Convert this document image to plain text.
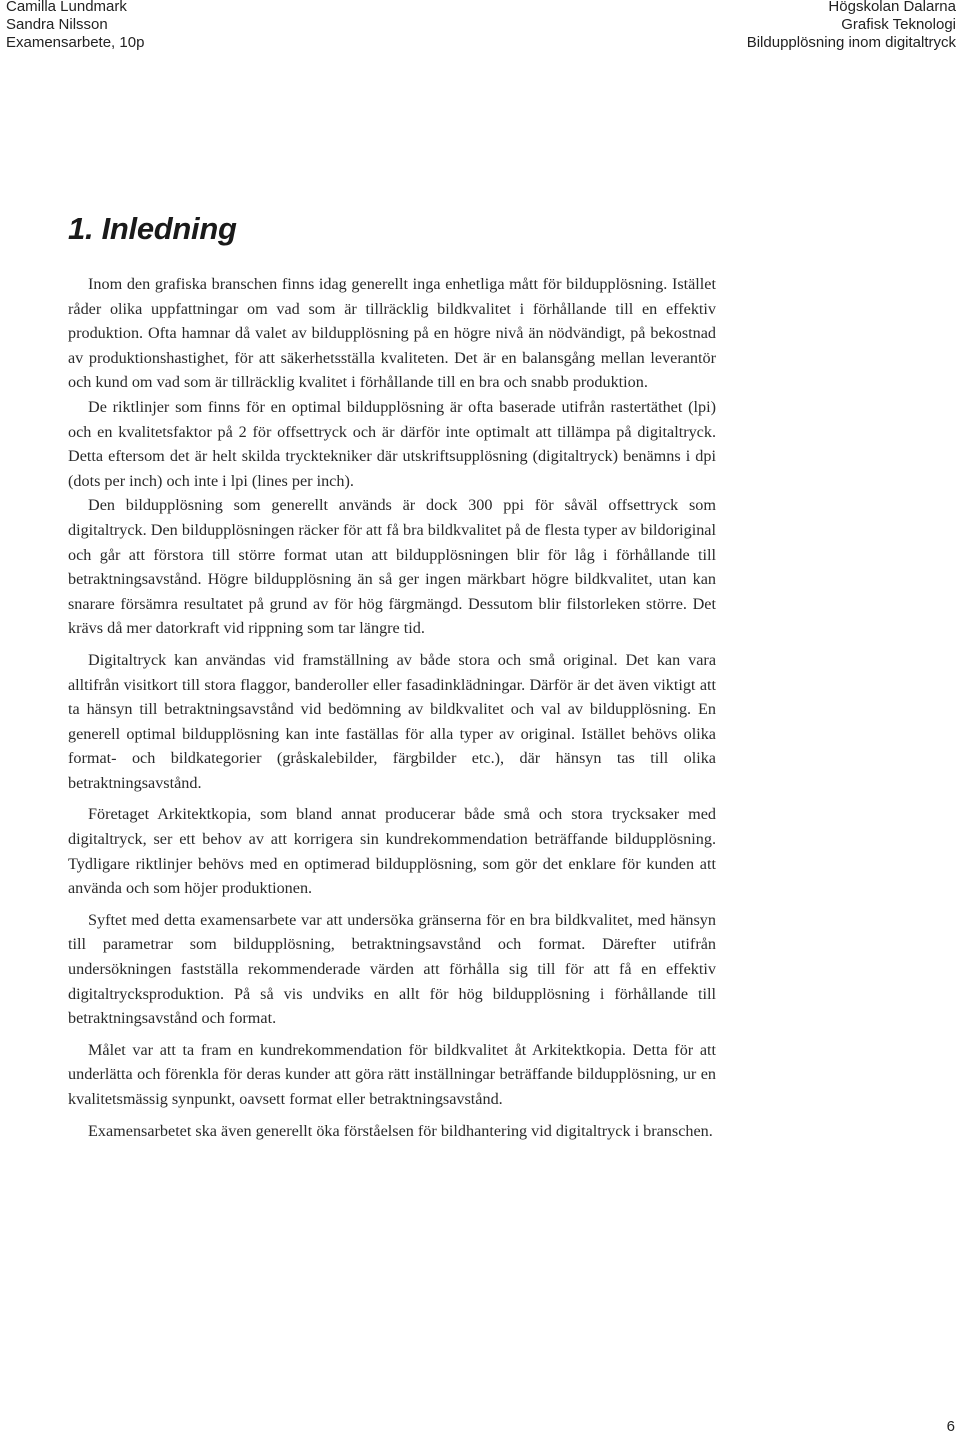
Camilla Lundmark
Sandra Nilsson
Examensarbete, 10p
Högskolan Dalarna
Grafisk Teknologi
Bildupplösning inom digitaltryck
1. Inledning

Inom den grafiska branschen finns idag generellt inga enhetliga mått för bildupplösning. Istället råder olika uppfattningar om vad som är tillräcklig bildkvalitet i förhållande till en effektiv produktion. Ofta hamnar då valet av bildupplösning på en högre nivå än nödvändigt, på bekostnad av produktionshastighet, för att säkerhetsställa kvaliteten. Det är en balansgång mellan leverantör och kund om vad som är tillräcklig kvalitet i förhållande till en bra och snabb produktion.

De riktlinjer som finns för en optimal bildupplösning är ofta baserade utifrån rastertäthet (lpi) och en kvalitetsfaktor på 2 för offsettryck och är därför inte optimalt att tillämpa på digitaltryck. Detta eftersom det är helt skilda trycktekniker där utskriftsupplösning (digitaltryck) benämns i dpi (dots per inch) och inte i lpi (lines per inch).

Den bildupplösning som generellt används är dock 300 ppi för såväl offsettryck som digitaltryck. Den bildupplösningen räcker för att få bra bildkvalitet på de flesta typer av bildoriginal och går att förstora till större format utan att bildupplösningen blir för låg i förhållande till betraktningsavstånd. Högre bildupplösning än så ger ingen märkbart högre bildkvalitet, utan kan snarare försämra resultatet på grund av för hög färgmängd. Dessutom blir filstorleken större. Det krävs då mer datorkraft vid rippning som tar längre tid.

Digitaltryck kan användas vid framställning av både stora och små original. Det kan vara alltifrån visitkort till stora flaggor, banderoller eller fasadinklädningar. Därför är det även viktigt att ta hänsyn till betraktningsavstånd vid bedömning av bildkvalitet och val av bildupplösning. En generell optimal bildupplösning kan inte faställas för alla typer av original. Istället behövs olika format- och bildkategorier (gråskalebilder, färgbilder etc.), där hänsyn tas till olika betraktningsavstånd.

Företaget Arkitektkopia, som bland annat producerar både små och stora trycksaker med digitaltryck, ser ett behov av att korrigera sin kundrekommendation beträffande bildupplösning. Tydligare riktlinjer behövs med en optimerad bildupplösning, som gör det enklare för kunden att använda och som höjer produktionen.

Syftet med detta examensarbete var att undersöka gränserna för en bra bildkvalitet, med hänsyn till parametrar som bildupplösning, betraktningsavstånd och format. Därefter utifrån undersökningen fastställa rekommenderade värden att förhålla sig till för att få en effektiv digitaltrycksproduktion. På så vis undviks en allt för hög bildupplösning i förhållande till betraktningsavstånd och format.

Målet var att ta fram en kundrekommendation för bildkvalitet åt Arkitektkopia. Detta för att underlätta och förenkla för deras kunder att göra rätt inställningar beträffande bildupplösning, ur en kvalitetsmässig synpunkt, oavsett format eller betraktningsavstånd.

Examensarbetet ska även generellt öka förståelsen för bildhantering vid digitaltryck i branschen.

6
